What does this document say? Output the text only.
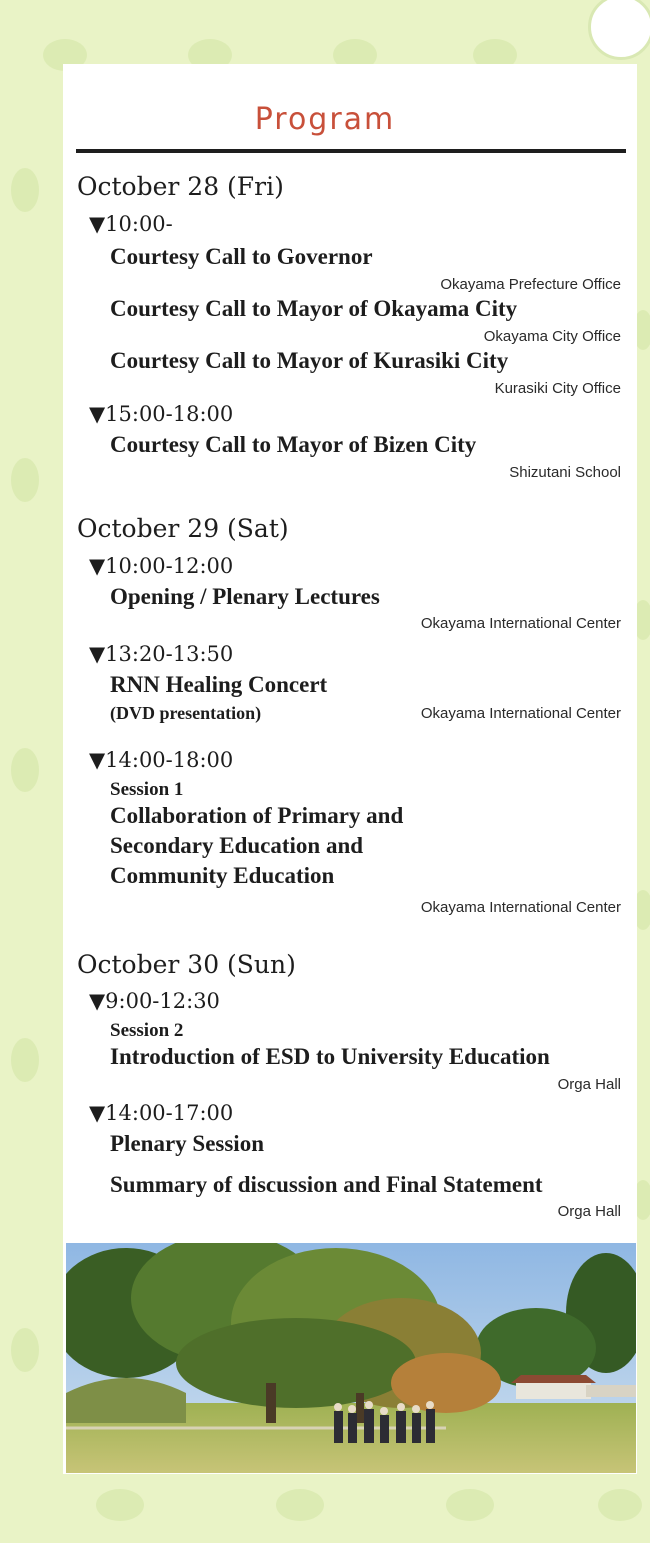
Program
October 28 (Fri)
▼10:00-
Courtesy Call to Governor
Okayama Prefecture Office
Courtesy Call to Mayor of Okayama City
Okayama City Office
Courtesy Call to Mayor of Kurasiki City
Kurasiki City Office
▼15:00-18:00
Courtesy Call to Mayor of Bizen City
Shizutani School
October 29 (Sat)
▼10:00-12:00
Opening / Plenary Lectures
Okayama International Center
▼13:20-13:50
RNN Healing Concert
(DVD presentation)	Okayama International Center
▼14:00-18:00
Session 1
Collaboration of Primary and
Secondary Education and
Community Education
Okayama International Center
October 30 (Sun)
▼9:00-12:30
Session 2
Introduction of ESD to University Education
Orga Hall
▼14:00-17:00
Plenary Session
Summary of discussion and Final Statement
Orga Hall
